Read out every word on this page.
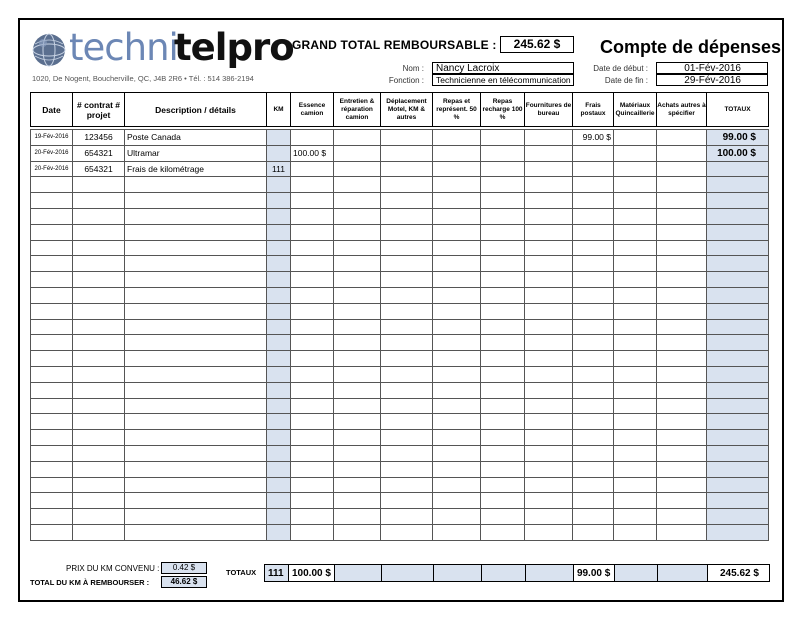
techni
telpro
1020, De Nogent, Boucherville, QC, J4B 2R6 • Tél. : 514 386-2194
GRAND TOTAL REMBOURSABLE :	245.62 $	Compte de dépenses
Nom :	Nancy Lacroix
Fonction :	Technicienne en télécommunication
Date de début :	01-Fév-2016
Date de fin :	29-Fév-2016
Date	# contrat # projet	Description / détails	KM	Essence camion	Entretien & réparation camion	Déplacement Motel, KM & autres	Repas et représent. 50 %	Repas recharge 100 %	Fournitures de bureau	Frais postaux	Matériaux Quincaillerie	Achats autres à spécifier	TOTAUX

19-Fév-2016	123456	Poste Canada								99.00 $			99.00 $
20-Fév-2016	654321	Ultramar		100.00 $									100.00 $
20-Fév-2016	654321	Frais de kilométrage	111										

PRIX DU KM CONVENU :	0.42 $
TOTAL DU KM À REMBOURSER :	46.62 $
TOTAUX 111	100.00 $						99.00 $			245.62 $
